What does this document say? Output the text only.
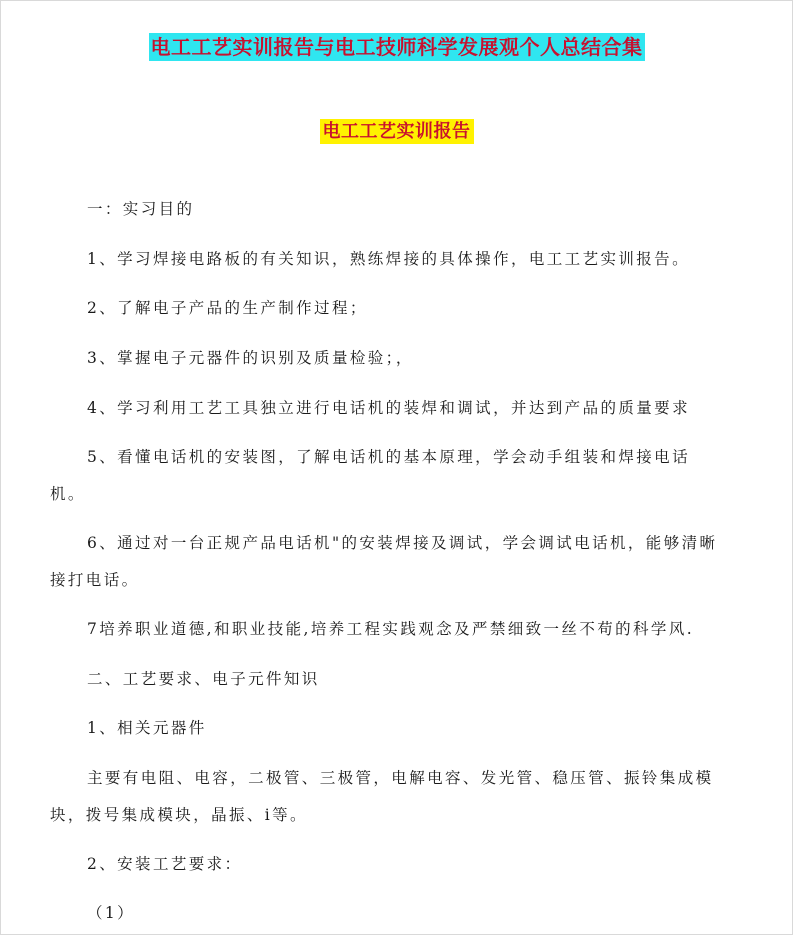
电工工艺实训报告与电工技师科学发展观个人总结合集
电工工艺实训报告
一：实习目的
1、学习焊接电路板的有关知识，熟练焊接的具体操作，电工工艺实训报告。
2、了解电子产品的生产制作过程；
3、掌握电子元器件的识别及质量检验；，
4、学习利用工艺工具独立进行电话机的装焊和调试，并达到产品的质量要求
5、看懂电话机的安装图，了解电话机的基本原理，学会动手组装和焊接电话
机。
6、通过对一台正规产品电话机"的安装焊接及调试，学会调试电话机，能够清晰
接打电话。
7培养职业道德,和职业技能,培养工程实践观念及严禁细致一丝不苟的科学风.
二、工艺要求、电子元件知识
1、相关元器件
主要有电阻、电容，二极管、三极管，电解电容、发光管、稳压管、振铃集成模
块，拨号集成模块，晶振、i等。
2、安装工艺要求：
（1）
